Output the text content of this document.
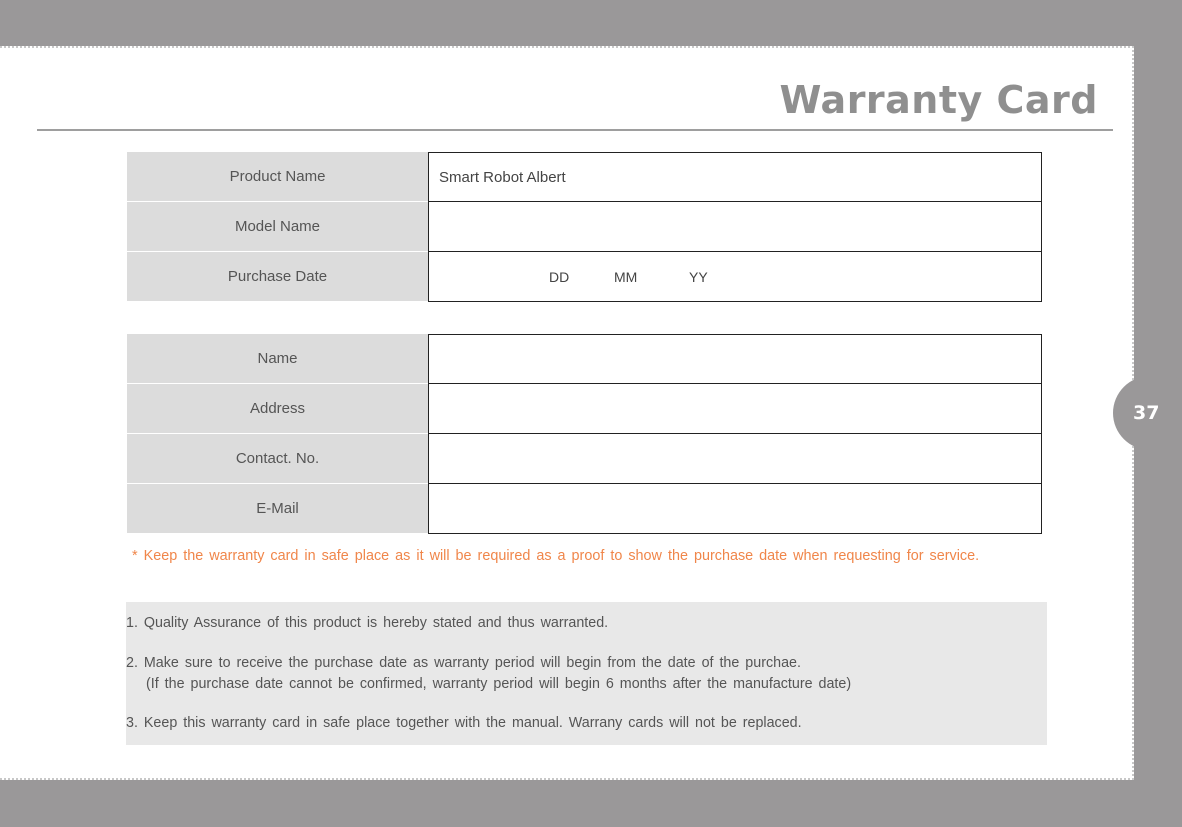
Warranty Card
37
Product Name	Smart Robot Albert
Model Name
Purchase Date	DD	MM	YY
Name
Address
Contact. No.
E-Mail
* Keep the warranty card in safe place as it will be required as a proof to show the purchase date when requesting for service.
1. Quality Assurance of this product is hereby stated and thus warranted.
2. Make sure to receive the purchase date as warranty period will begin from the date of the purchae.
(If the purchase date cannot be confirmed, warranty period will begin 6 months after the manufacture date)
3. Keep this warranty card in safe place together with the manual. Warrany cards will not be replaced.
